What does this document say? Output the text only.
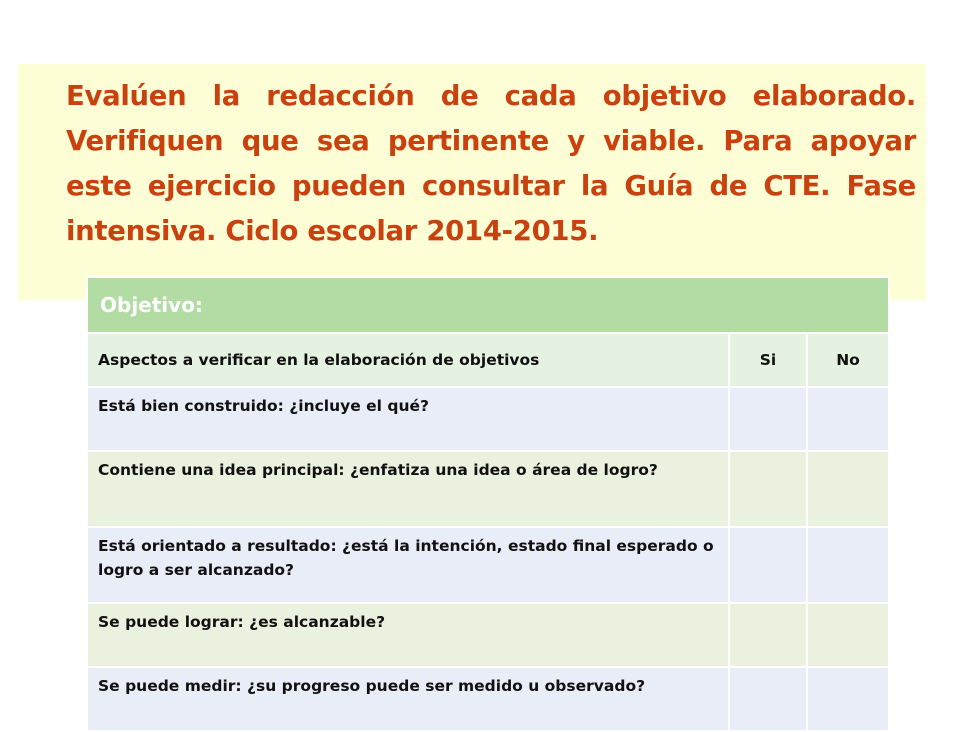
Evalúen la redacción de cada objetivo elaborado. Verifiquen que sea pertinente y viable. Para apoyar este ejercicio pueden consultar la Guía de CTE. Fase intensiva. Ciclo escolar 2014-2015.

Objetivo:		
Aspectos a verificar en la elaboración de objetivos	Si	No
Está bien construido: ¿incluye el qué?		
Contiene una idea principal: ¿enfatiza una idea o área de logro?		
Está orientado a resultado: ¿está la intención, estado final esperado o logro a ser alcanzado?		
Se puede lograr: ¿es alcanzable?		
Se puede medir: ¿su progreso puede ser medido u observado?		
